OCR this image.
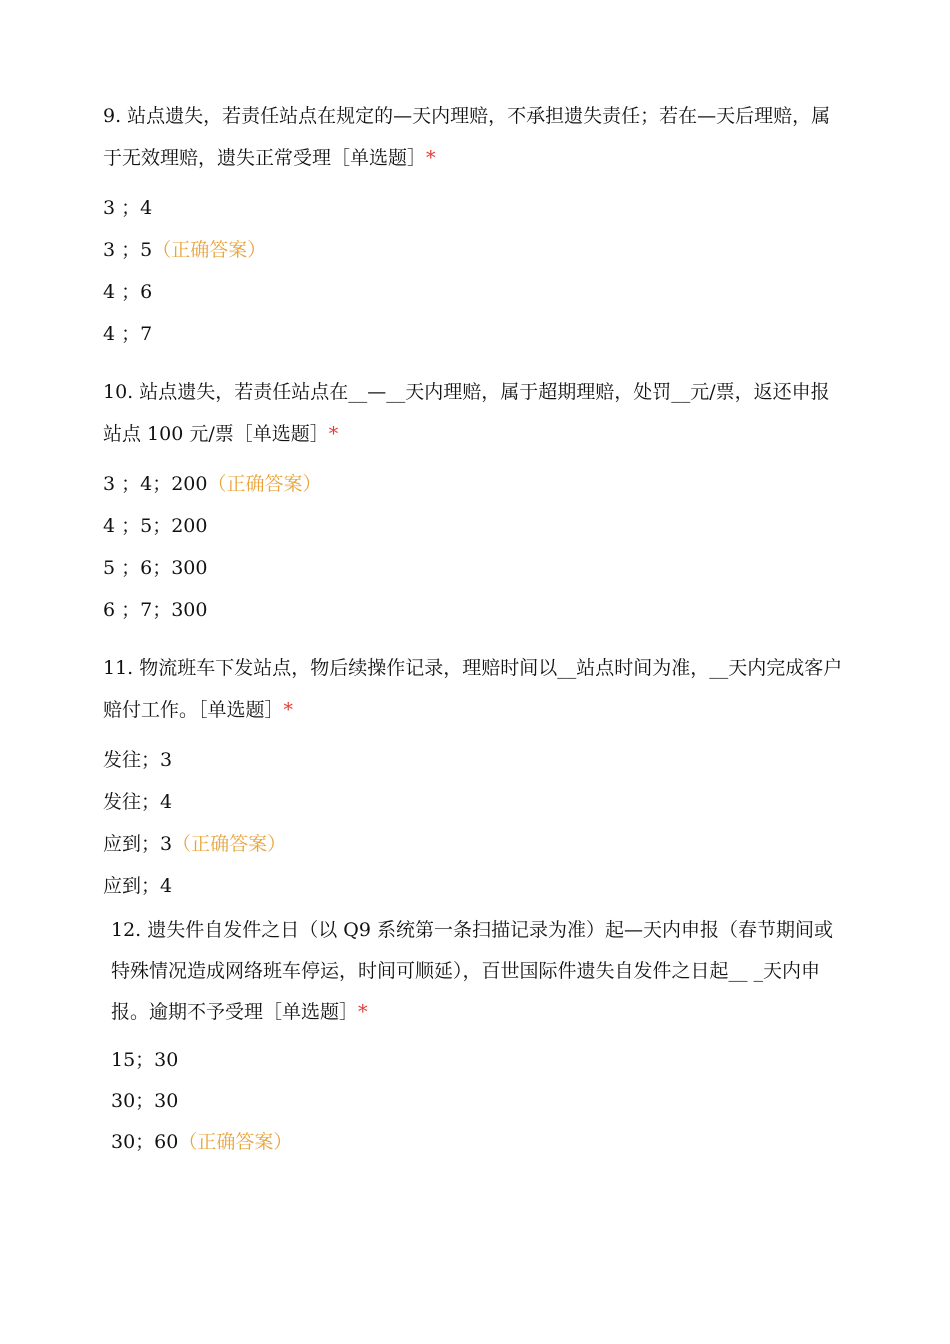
9. 站点遗失，若责任站点在规定的—天内理赔，不承担遗失责任；若在—天后理赔，属于无效理赔，遗失正常受理［单选题］*
3 ；4
3 ；5（正确答案）
4 ；6
4 ；7
10. 站点遗失，若责任站点在__—__天内理赔，属于超期理赔，处罚__元/票，返还申报站点 100 元/票［单选题］*
3 ；4；200（正确答案）
4 ；5；200
5 ；6；300
6 ；7；300
11. 物流班车下发站点，物后续操作记录，理赔时间以__站点时间为准，__天内完成客户赔付工作。［单选题］*
发往；3
发往；4
应到；3（正确答案）
应到；4
12. 遗失件自发件之日（以 Q9 系统第一条扫描记录为准）起—天内申报（春节期间或特殊情况造成网络班车停运，时间可顺延），百世国际件遗失自发件之日起__ _天内申报。逾期不予受理［单选题］*
15；30
30；30
30；60（正确答案）
